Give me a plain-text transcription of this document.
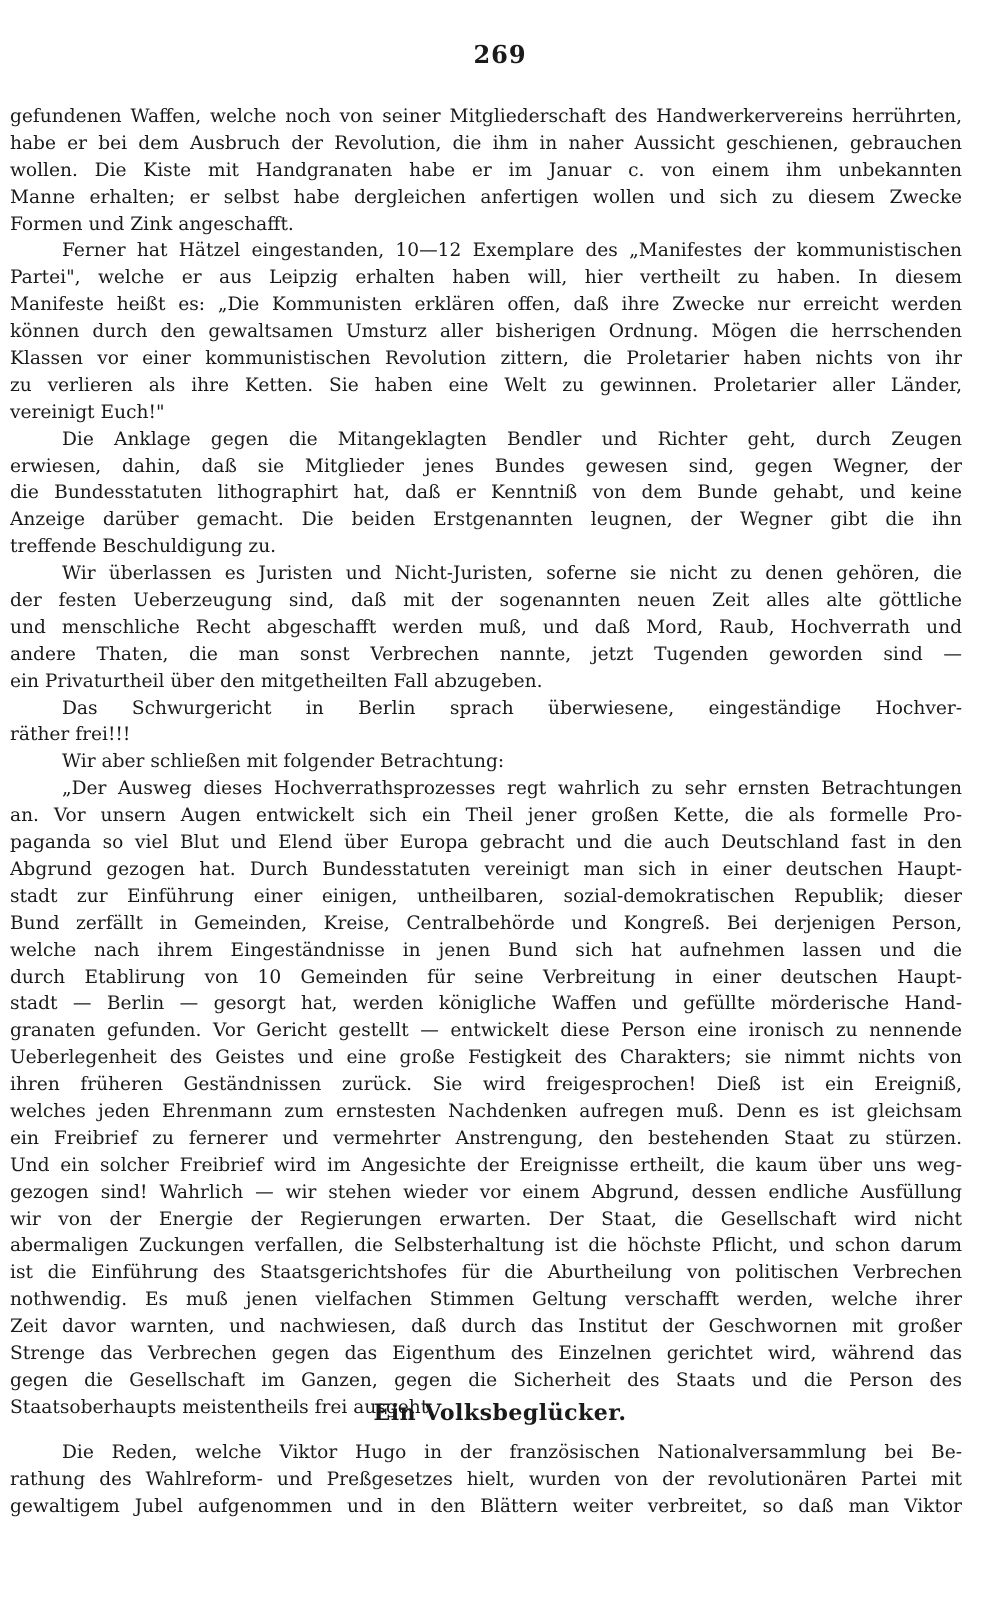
269
gefundenen Waffen, welche noch von seiner Mitgliederschaft des Handwerkervereins herrührten,
habe er bei dem Ausbruch der Revolution, die ihm in naher Aussicht geschienen, gebrauchen
wollen. Die Kiste mit Handgranaten habe er im Januar c. von einem ihm unbekannten
Manne erhalten; er selbst habe dergleichen anfertigen wollen und sich zu diesem Zwecke
Formen und Zink angeschafft.
Ferner hat Hätzel eingestanden, 10—12 Exemplare des „Manifestes der kommunistischen
Partei", welche er aus Leipzig erhalten haben will, hier vertheilt zu haben. In diesem
Manifeste heißt es: „Die Kommunisten erklären offen, daß ihre Zwecke nur erreicht werden
können durch den gewaltsamen Umsturz aller bisherigen Ordnung. Mögen die herrschenden
Klassen vor einer kommunistischen Revolution zittern, die Proletarier haben nichts von ihr
zu verlieren als ihre Ketten. Sie haben eine Welt zu gewinnen. Proletarier aller Länder,
vereinigt Euch!"
Die Anklage gegen die Mitangeklagten Bendler und Richter geht, durch Zeugen
erwiesen, dahin, daß sie Mitglieder jenes Bundes gewesen sind, gegen Wegner, der
die Bundesstatuten lithographirt hat, daß er Kenntniß von dem Bunde gehabt, und keine
Anzeige darüber gemacht. Die beiden Erstgenannten leugnen, der Wegner gibt die ihn
treffende Beschuldigung zu.
Wir überlassen es Juristen und Nicht-Juristen, soferne sie nicht zu denen gehören, die
der festen Ueberzeugung sind, daß mit der sogenannten neuen Zeit alles alte göttliche
und menschliche Recht abgeschafft werden muß, und daß Mord, Raub, Hochverrath und
andere Thaten, die man sonst Verbrechen nannte, jetzt Tugenden geworden sind —
ein Privaturtheil über den mitgetheilten Fall abzugeben.
Das Schwurgericht in Berlin sprach überwiesene, eingeständige Hochver-
räther frei!!!
Wir aber schließen mit folgender Betrachtung:
„Der Ausweg dieses Hochverrathsprozesses regt wahrlich zu sehr ernsten Betrachtungen
an. Vor unsern Augen entwickelt sich ein Theil jener großen Kette, die als formelle Pro-
paganda so viel Blut und Elend über Europa gebracht und die auch Deutschland fast in den
Abgrund gezogen hat. Durch Bundesstatuten vereinigt man sich in einer deutschen Haupt-
stadt zur Einführung einer einigen, untheilbaren, sozial-demokratischen Republik; dieser
Bund zerfällt in Gemeinden, Kreise, Centralbehörde und Kongreß. Bei derjenigen Person,
welche nach ihrem Eingeständnisse in jenen Bund sich hat aufnehmen lassen und die
durch Etablirung von 10 Gemeinden für seine Verbreitung in einer deutschen Haupt-
stadt — Berlin — gesorgt hat, werden königliche Waffen und gefüllte mörderische Hand-
granaten gefunden. Vor Gericht gestellt — entwickelt diese Person eine ironisch zu nennende
Ueberlegenheit des Geistes und eine große Festigkeit des Charakters; sie nimmt nichts von
ihren früheren Geständnissen zurück. Sie wird freigesprochen! Dieß ist ein Ereigniß,
welches jeden Ehrenmann zum ernstesten Nachdenken aufregen muß. Denn es ist gleichsam
ein Freibrief zu fernerer und vermehrter Anstrengung, den bestehenden Staat zu stürzen.
Und ein solcher Freibrief wird im Angesichte der Ereignisse ertheilt, die kaum über uns weg-
gezogen sind! Wahrlich — wir stehen wieder vor einem Abgrund, dessen endliche Ausfüllung
wir von der Energie der Regierungen erwarten. Der Staat, die Gesellschaft wird nicht
abermaligen Zuckungen verfallen, die Selbsterhaltung ist die höchste Pflicht, und schon darum
ist die Einführung des Staatsgerichtshofes für die Aburtheilung von politischen Verbrechen
nothwendig. Es muß jenen vielfachen Stimmen Geltung verschafft werden, welche ihrer
Zeit davor warnten, und nachwiesen, daß durch das Institut der Geschwornen mit großer
Strenge das Verbrechen gegen das Eigenthum des Einzelnen gerichtet wird, während das
gegen die Gesellschaft im Ganzen, gegen die Sicherheit des Staats und die Person des
Staatsoberhaupts meistentheils frei ausgeht.
Ein Volksbeglücker.
Die Reden, welche Viktor Hugo in der französischen Nationalversammlung bei Be-
rathung des Wahlreform- und Preßgesetzes hielt, wurden von der revolutionären Partei mit
gewaltigem Jubel aufgenommen und in den Blättern weiter verbreitet, so daß man Viktor
